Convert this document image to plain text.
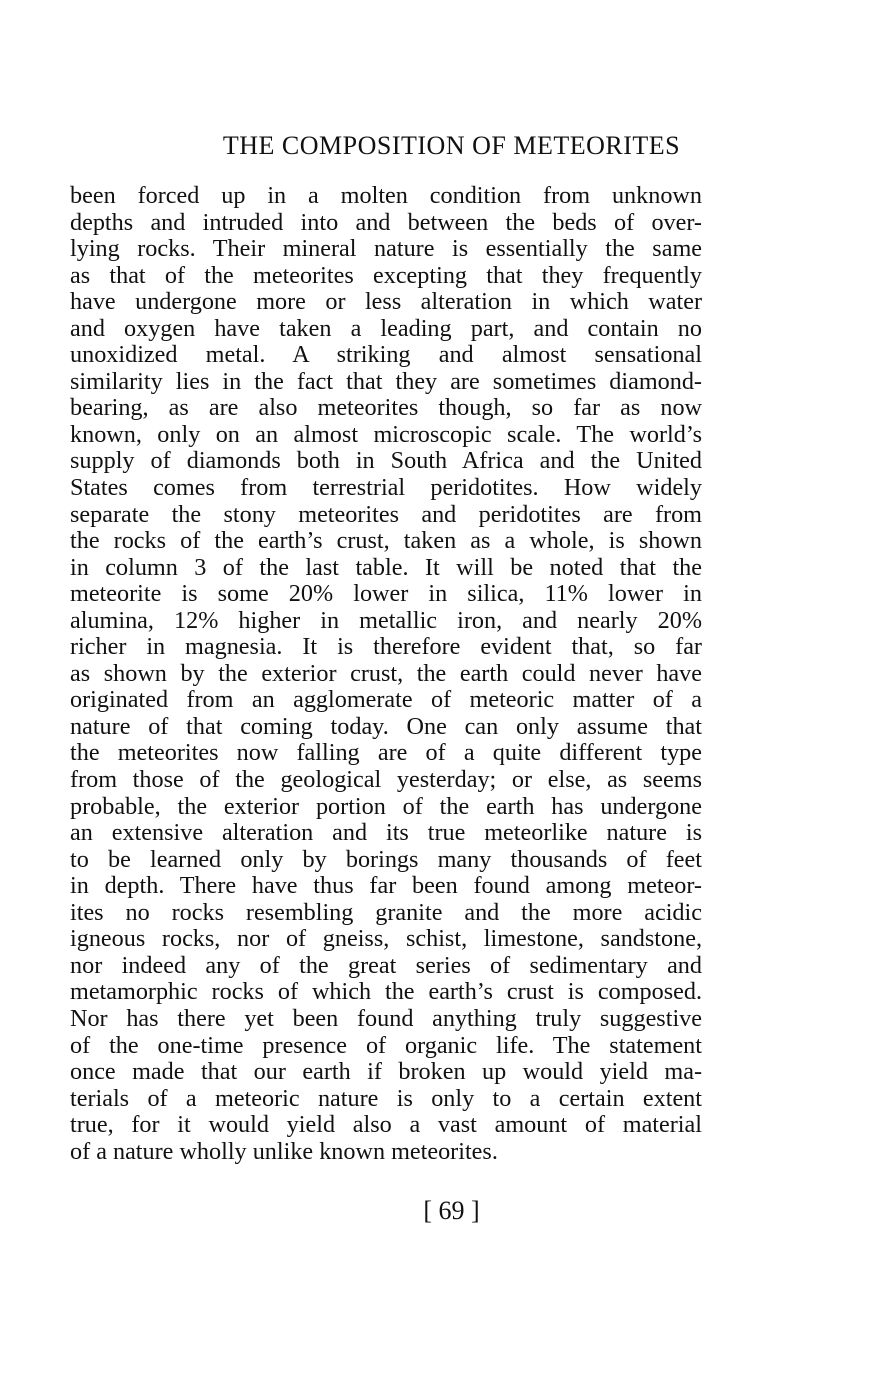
THE COMPOSITION OF METEORITES
been forced up in a molten condition from unknown
depths and intruded into and between the beds of over-
lying rocks. Their mineral nature is essentially the same
as that of the meteorites excepting that they frequently
have undergone more or less alteration in which water
and oxygen have taken a leading part, and contain no
unoxidized metal. A striking and almost sensational
similarity lies in the fact that they are sometimes diamond-
bearing, as are also meteorites though, so far as now
known, only on an almost microscopic scale. The world’s
supply of diamonds both in South Africa and the United
States comes from terrestrial peridotites. How widely
separate the stony meteorites and peridotites are from
the rocks of the earth’s crust, taken as a whole, is shown
in column 3 of the last table. It will be noted that the
meteorite is some 20% lower in silica, 11% lower in
alumina, 12% higher in metallic iron, and nearly 20%
richer in magnesia. It is therefore evident that, so far
as shown by the exterior crust, the earth could never have
originated from an agglomerate of meteoric matter of a
nature of that coming today. One can only assume that
the meteorites now falling are of a quite different type
from those of the geological yesterday; or else, as seems
probable, the exterior portion of the earth has undergone
an extensive alteration and its true meteorlike nature is
to be learned only by borings many thousands of feet
in depth. There have thus far been found among meteor-
ites no rocks resembling granite and the more acidic
igneous rocks, nor of gneiss, schist, limestone, sandstone,
nor indeed any of the great series of sedimentary and
metamorphic rocks of which the earth’s crust is composed.
Nor has there yet been found anything truly suggestive
of the one-time presence of organic life. The statement
once made that our earth if broken up would yield ma-
terials of a meteoric nature is only to a certain extent
true, for it would yield also a vast amount of material
of a nature wholly unlike known meteorites.
[ 69 ]
